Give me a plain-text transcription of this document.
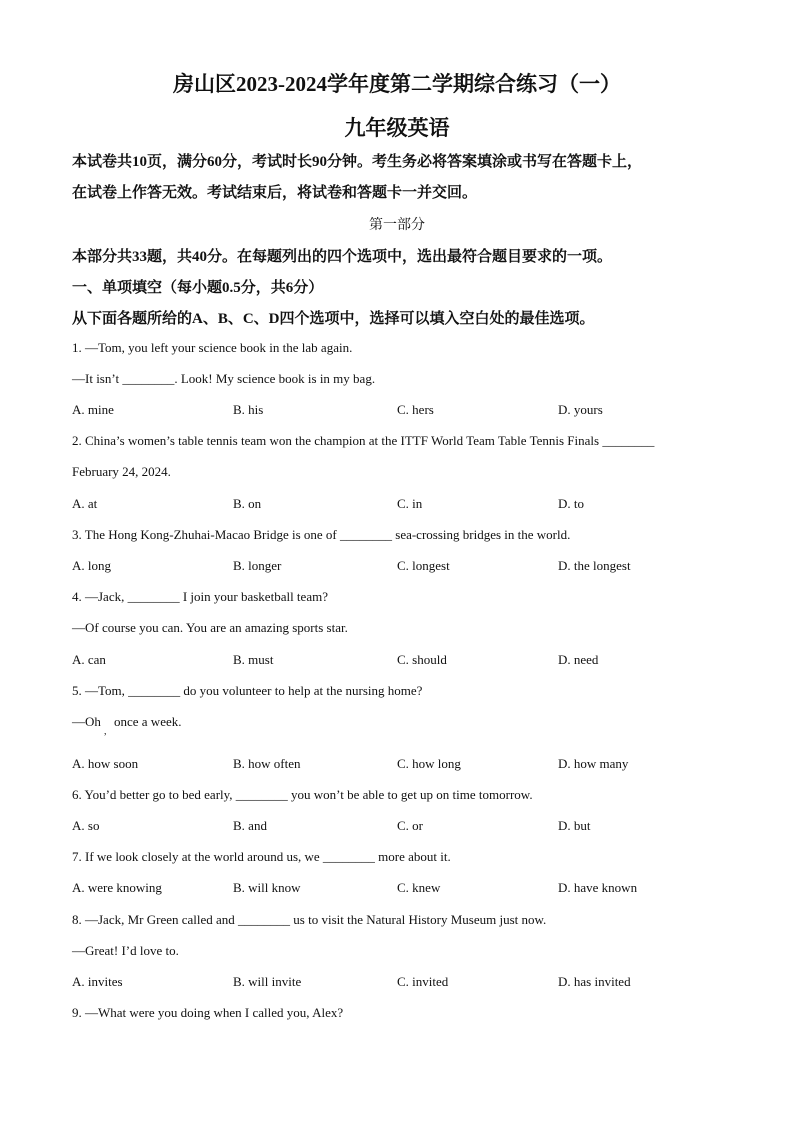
房山区2023-2024学年度第二学期综合练习（一）
九年级英语
本试卷共10页，满分60分，考试时长90分钟。考生务必将答案填涂或书写在答题卡上，
在试卷上作答无效。考试结束后，将试卷和答题卡一并交回。
第一部分
本部分共33题，共40分。在每题列出的四个选项中，选出最符合题目要求的一项。
一、单项填空（每小题0.5分，共6分）
从下面各题所给的A、B、C、D四个选项中，选择可以填入空白处的最佳选项。
1. —Tom, you left your science book in the lab again.
—It isn’t ________. Look! My science book is in my bag.
A. mine	B. his	C. hers	D. yours
2. China’s women’s table tennis team won the champion at the ITTF World Team Table Tennis Finals ________
February 24, 2024.
A. at	B. on	C. in	D. to
3. The Hong Kong-Zhuhai-Macao Bridge is one of ________ sea-crossing bridges in the world.
A. long	B. longer	C. longest	D. the longest
4. —Jack, ________ I join your basketball team?
—Of course you can. You are an amazing sports star.
A. can	B. must	C. should	D. need
5. —Tom, ________ do you volunteer to help at the nursing home?
—Oh once a week.
,
A. how soon	B. how often	C. how long	D. how many
6. You’d better go to bed early, ________ you won’t be able to get up on time tomorrow.
A. so	B. and	C. or	D. but
7. If we look closely at the world around us, we ________ more about it.
A. were knowing	B. will know	C. knew	D. have known
8. —Jack, Mr Green called and ________ us to visit the Natural History Museum just now.
—Great! I’d love to.
A. invites	B. will invite	C. invited	D. has invited
9. —What were you doing when I called you, Alex?
